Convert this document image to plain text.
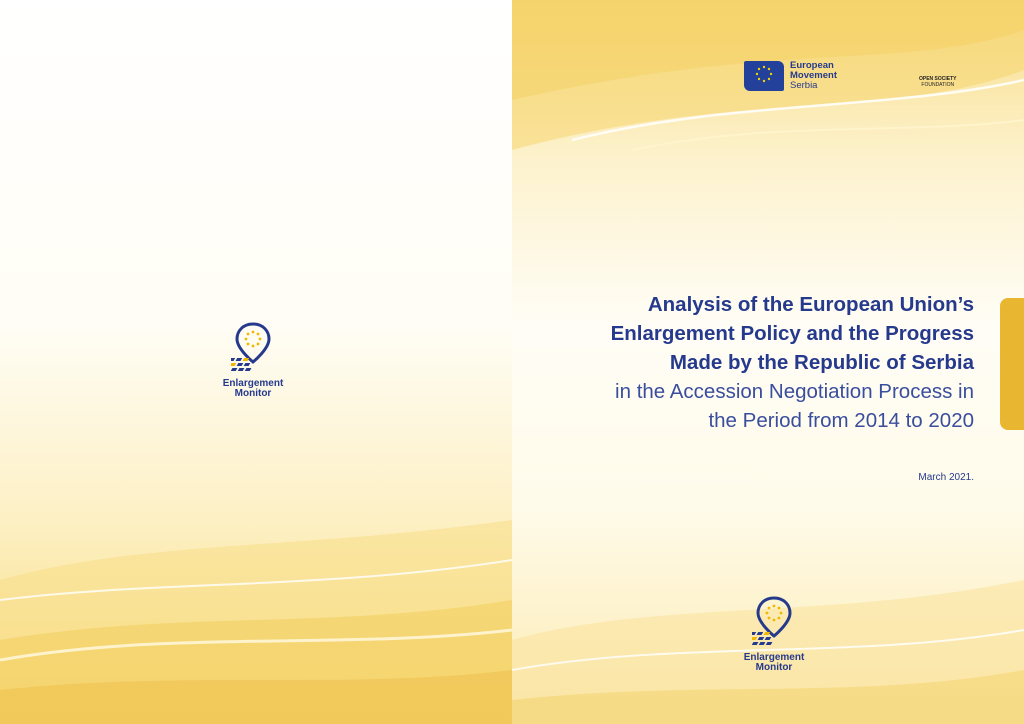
Enlargement
Monitor
European
Movement
Serbia
OPEN SOCIETY
FOUNDATION
Analysis of the European Union’s
Enlargement Policy and the Progress
Made by the Republic of Serbia
in the Accession Negotiation Process in
the Period from 2014 to 2020
March 2021.
Enlargement
Monitor
